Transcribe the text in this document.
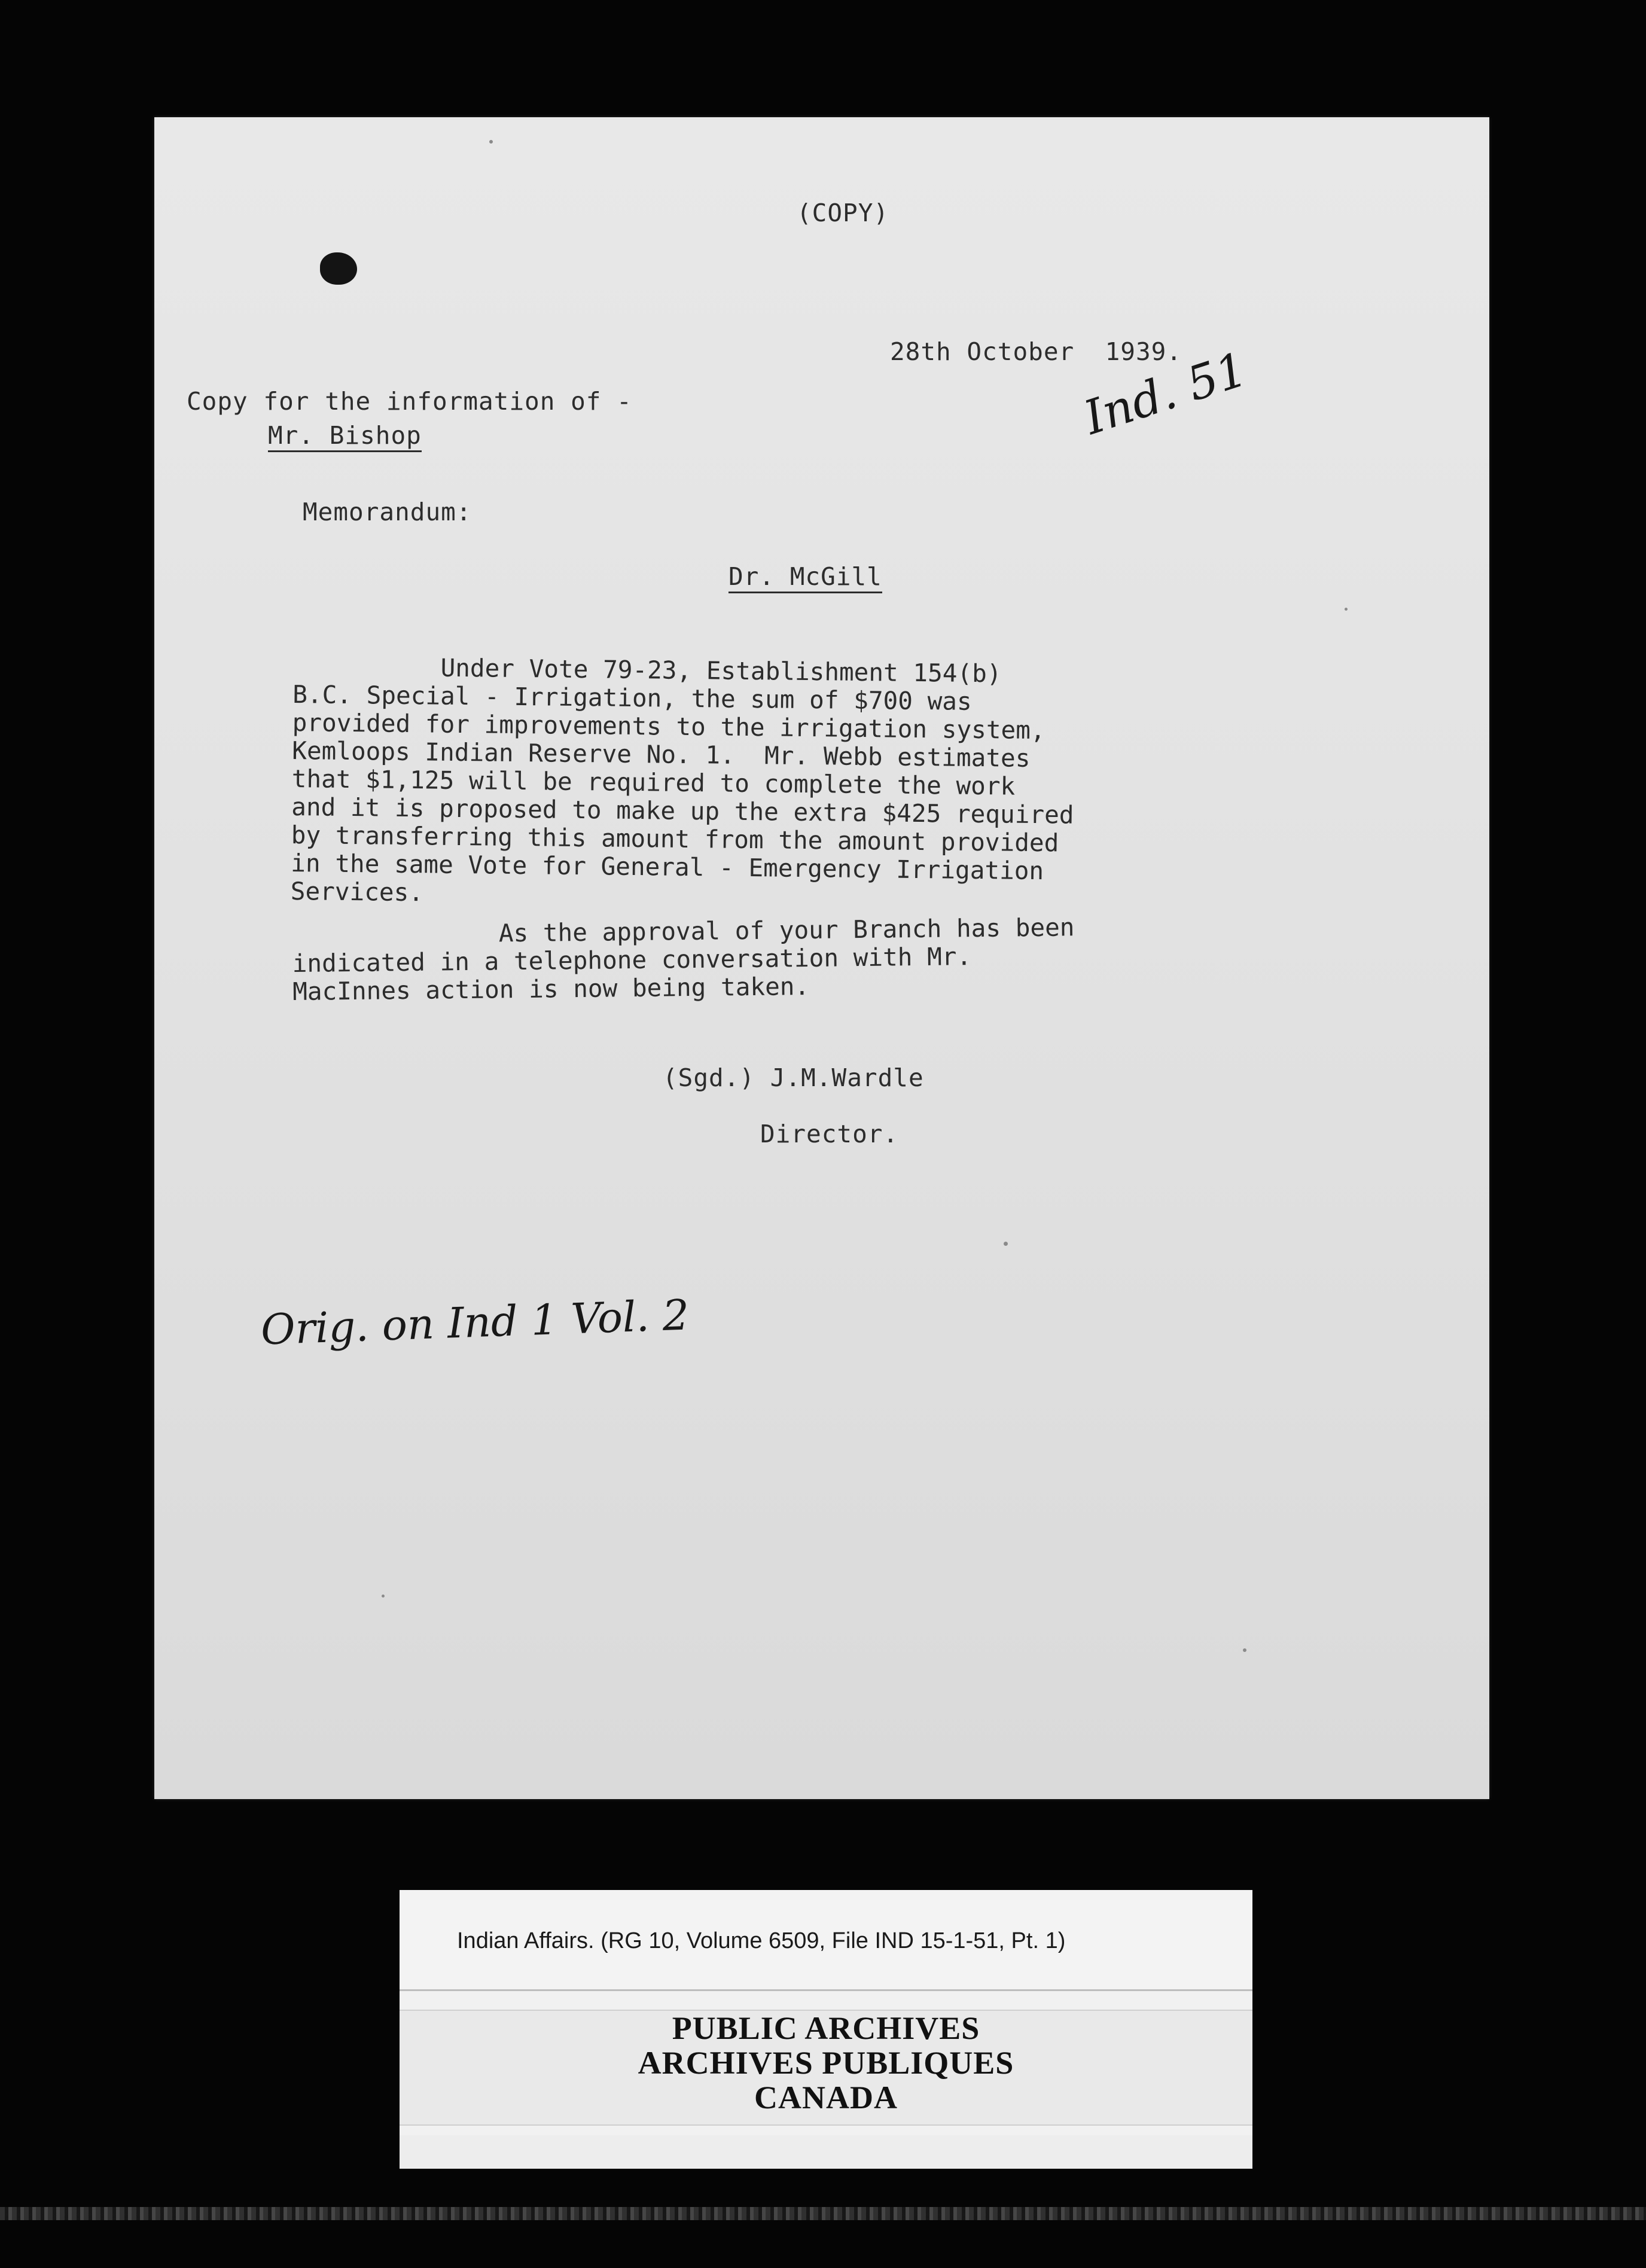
(COPY)
28th October  1939.
Copy for the information of -
Mr. Bishop
Memorandum:
Dr. McGill
Under Vote 79-23, Establishment 154(b)
B.C. Special - Irrigation, the sum of $700 was
provided for improvements to the irrigation system,
Kemloops Indian Reserve No. 1.  Mr. Webb estimates
that $1,125 will be required to complete the work
and it is proposed to make up the extra $425 required
by transferring this amount from the amount provided
in the same Vote for General - Emergency Irrigation
Services.
As the approval of your Branch has been
indicated in a telephone conversation with Mr.
MacInnes action is now being taken.
(Sgd.) J.M.Wardle
Director.
Ind. 51
Orig. on Ind 1 Vol. 2
Indian Affairs. (RG 10, Volume 6509, File IND 15-1-51, Pt. 1)
PUBLIC ARCHIVES
ARCHIVES PUBLIQUES
CANADA
